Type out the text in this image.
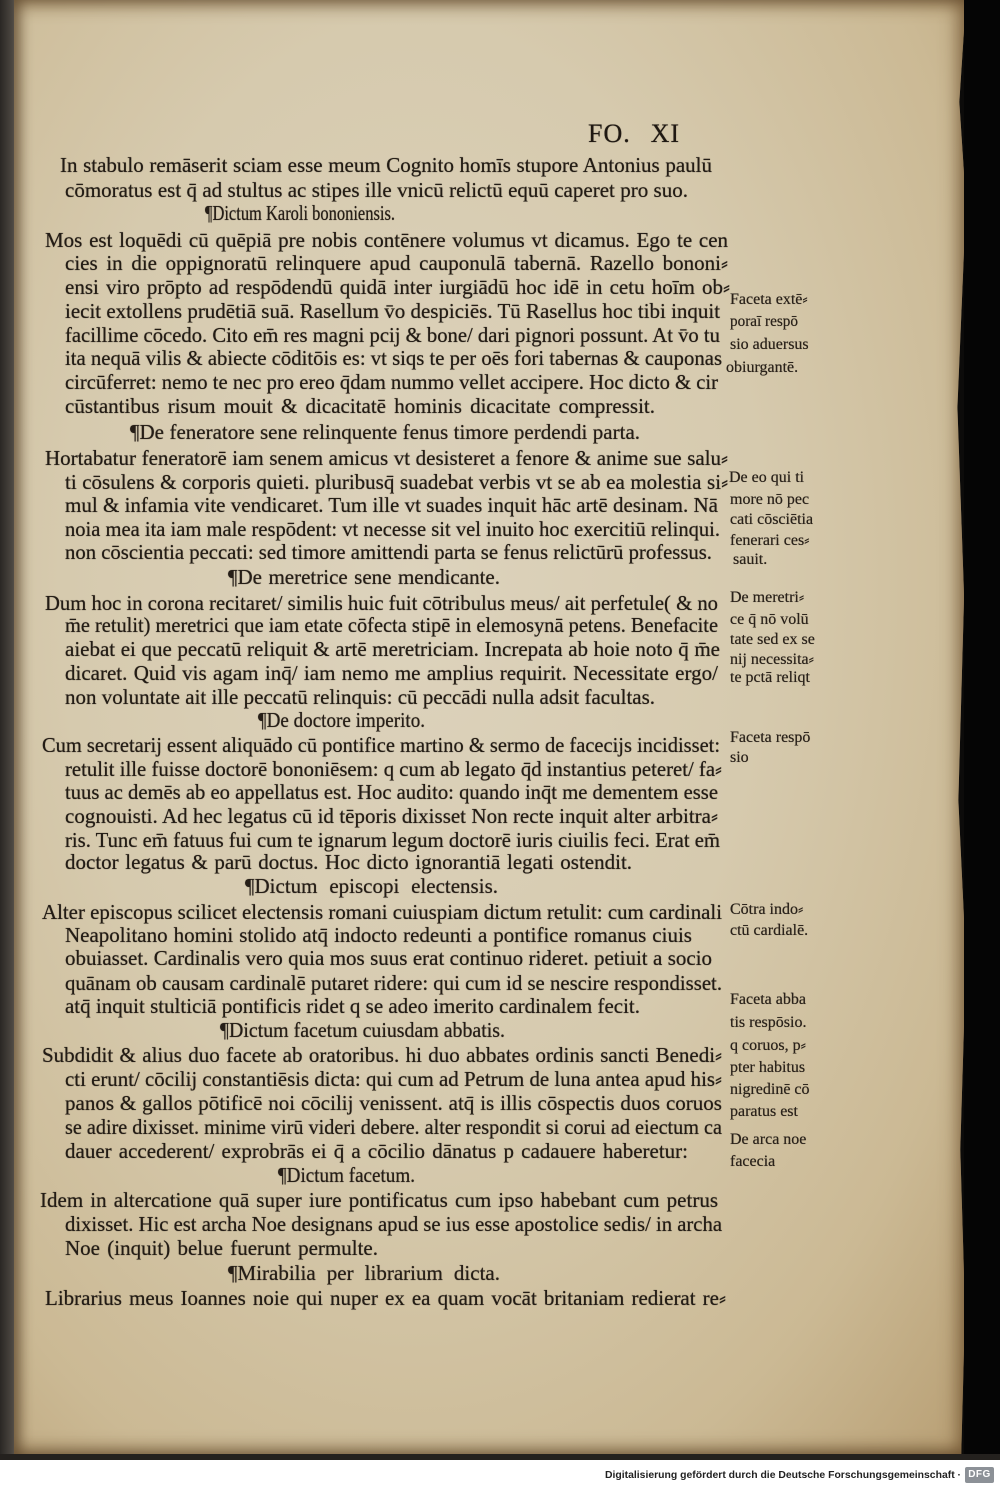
FO. XI
In stabulo remāserit sciam esse meum Cognito homīs stupore Antonius paulū
cōmoratus est q̄ ad stultus ac stipes ille vnicū relictū equū caperet pro suo.
¶Dictum Karoli bononiensis.
Mos est loquēdi cū quēpiā pre nobis contēnere volumus vt dicamus. Ego te cen
cies in die oppignoratū relinquere apud cauponulā tabernā. Razello bononi⸗
ensi viro prōpto ad respōdendū quidā inter iurgiādū hoc idē in cetu hoīm ob⸗
iecit extollens prudētiā suā. Rasellum v̄o despiciēs. Tū Rasellus hoc tibi inquit
facillime cōcedo. Cito em̄ res magni pcij & bone/ dari pignori possunt. At v̄o tu
ita nequā vilis & abiecte cōditōis es: vt siqs te per oēs fori tabernas & cauponas
circūferret: nemo te nec pro ereo q̄dam nummo vellet accipere. Hoc dicto & cir
cūstantibus risum mouit & dicacitatē hominis dicacitate compressit.
¶De feneratore sene relinquente fenus timore perdendi parta.
Hortabatur feneratorē iam senem amicus vt desisteret a fenore & anime sue salu⸗
ti cōsulens & corporis quieti. pluribusq̄ suadebat verbis vt se ab ea molestia si⸗
mul & infamia vite vendicaret. Tum ille vt suades inquit hāc artē desinam. Nā
noia mea ita iam male respōdent: vt necesse sit vel inuito hoc exercitiū relinqui.
non cōscientia peccati: sed timore amittendi parta se fenus relictūrū professus.
¶De meretrice sene mendicante.
Dum hoc in corona recitaret/ similis huic fuit cōtribulus meus/ ait perfetule( & no
m̄e retulit) meretrici que iam etate cōfecta stipē in elemosynā petens. Benefacite
aiebat ei que peccatū reliquit & artē meretriciam. Increpata ab hoie noto q̄ m̄e
dicaret. Quid vis agam inq̄/ iam nemo me amplius requirit. Necessitate ergo/
non voluntate ait ille peccatū relinquis: cū peccādi nulla adsit facultas.
¶De doctore imperito.
Cum secretarij essent aliquādo cū pontifice martino & sermo de facecijs incidisset:
retulit ille fuisse doctorē bononiēsem: q cum ab legato q̄d instantius peteret/ fa⸗
tuus ac demēs ab eo appellatus est. Hoc audito: quando inq̄t me dementem esse
cognouisti. Ad hec legatus cū id tēporis dixisset Non recte inquit alter arbitra⸗
ris. Tunc em̄ fatuus fui cum te ignarum legum doctorē iuris ciuilis feci. Erat em̄
doctor legatus & parū doctus. Hoc dicto ignorantiā legati ostendit.
¶Dictum episcopi electensis.
Alter episcopus scilicet electensis romani cuiuspiam dictum retulit: cum cardinali
Neapolitano homini stolido atq̄ indocto redeunti a pontifice romanus ciuis
obuiasset. Cardinalis vero quia mos suus erat continuo rideret. petiuit a socio
quānam ob causam cardinalē putaret ridere: qui cum id se nescire respondisset.
atq̄ inquit stulticiā pontificis ridet q se adeo imerito cardinalem fecit.
¶Dictum facetum cuiusdam abbatis.
Subdidit & alius duo facete ab oratoribus. hi duo abbates ordinis sancti Benedi⸗
cti erunt/ cōcilij constantiēsis dicta: qui cum ad Petrum de luna antea apud his⸗
panos & gallos pōtificē noi cōcilij venissent. atq̄ is illis cōspectis duos coruos
se adire dixisset. minime virū videri debere. alter respondit si corui ad eiectum ca
dauer accederent/ exprobrās ei q̄ a cōcilio dānatus p cadauere haberetur:
¶Dictum facetum.
Idem in altercatione quā super iure pontificatus cum ipso habebant cum petrus
dixisset. Hic est archa Noe designans apud se ius esse apostolice sedis/ in archa
Noe (inquit) belue fuerunt permulte.
¶Mirabilia per librarium dicta.
Librarius meus Ioannes noie qui nuper ex ea quam vocāt britaniam redierat re⸗
Faceta extē⸗
poraī respō
sio aduersus
obiurgantē.
De eo qui ti
more nō pec
cati cōsciētia
fenerari ces⸗
sauit.
De meretri⸗
ce q̄ nō volū
tate sed ex se
nij necessita⸗
te pctā reliqt
Faceta respō
sio
Cōtra indo⸗
ctū cardialē.
Faceta abba
tis respōsio.
q coruos, p⸗
pter habitus
nigredinē cō
paratus est
De arca noe
facecia
Digitalisierung gefördert durch die Deutsche Forschungsgemeinschaft · DFG
